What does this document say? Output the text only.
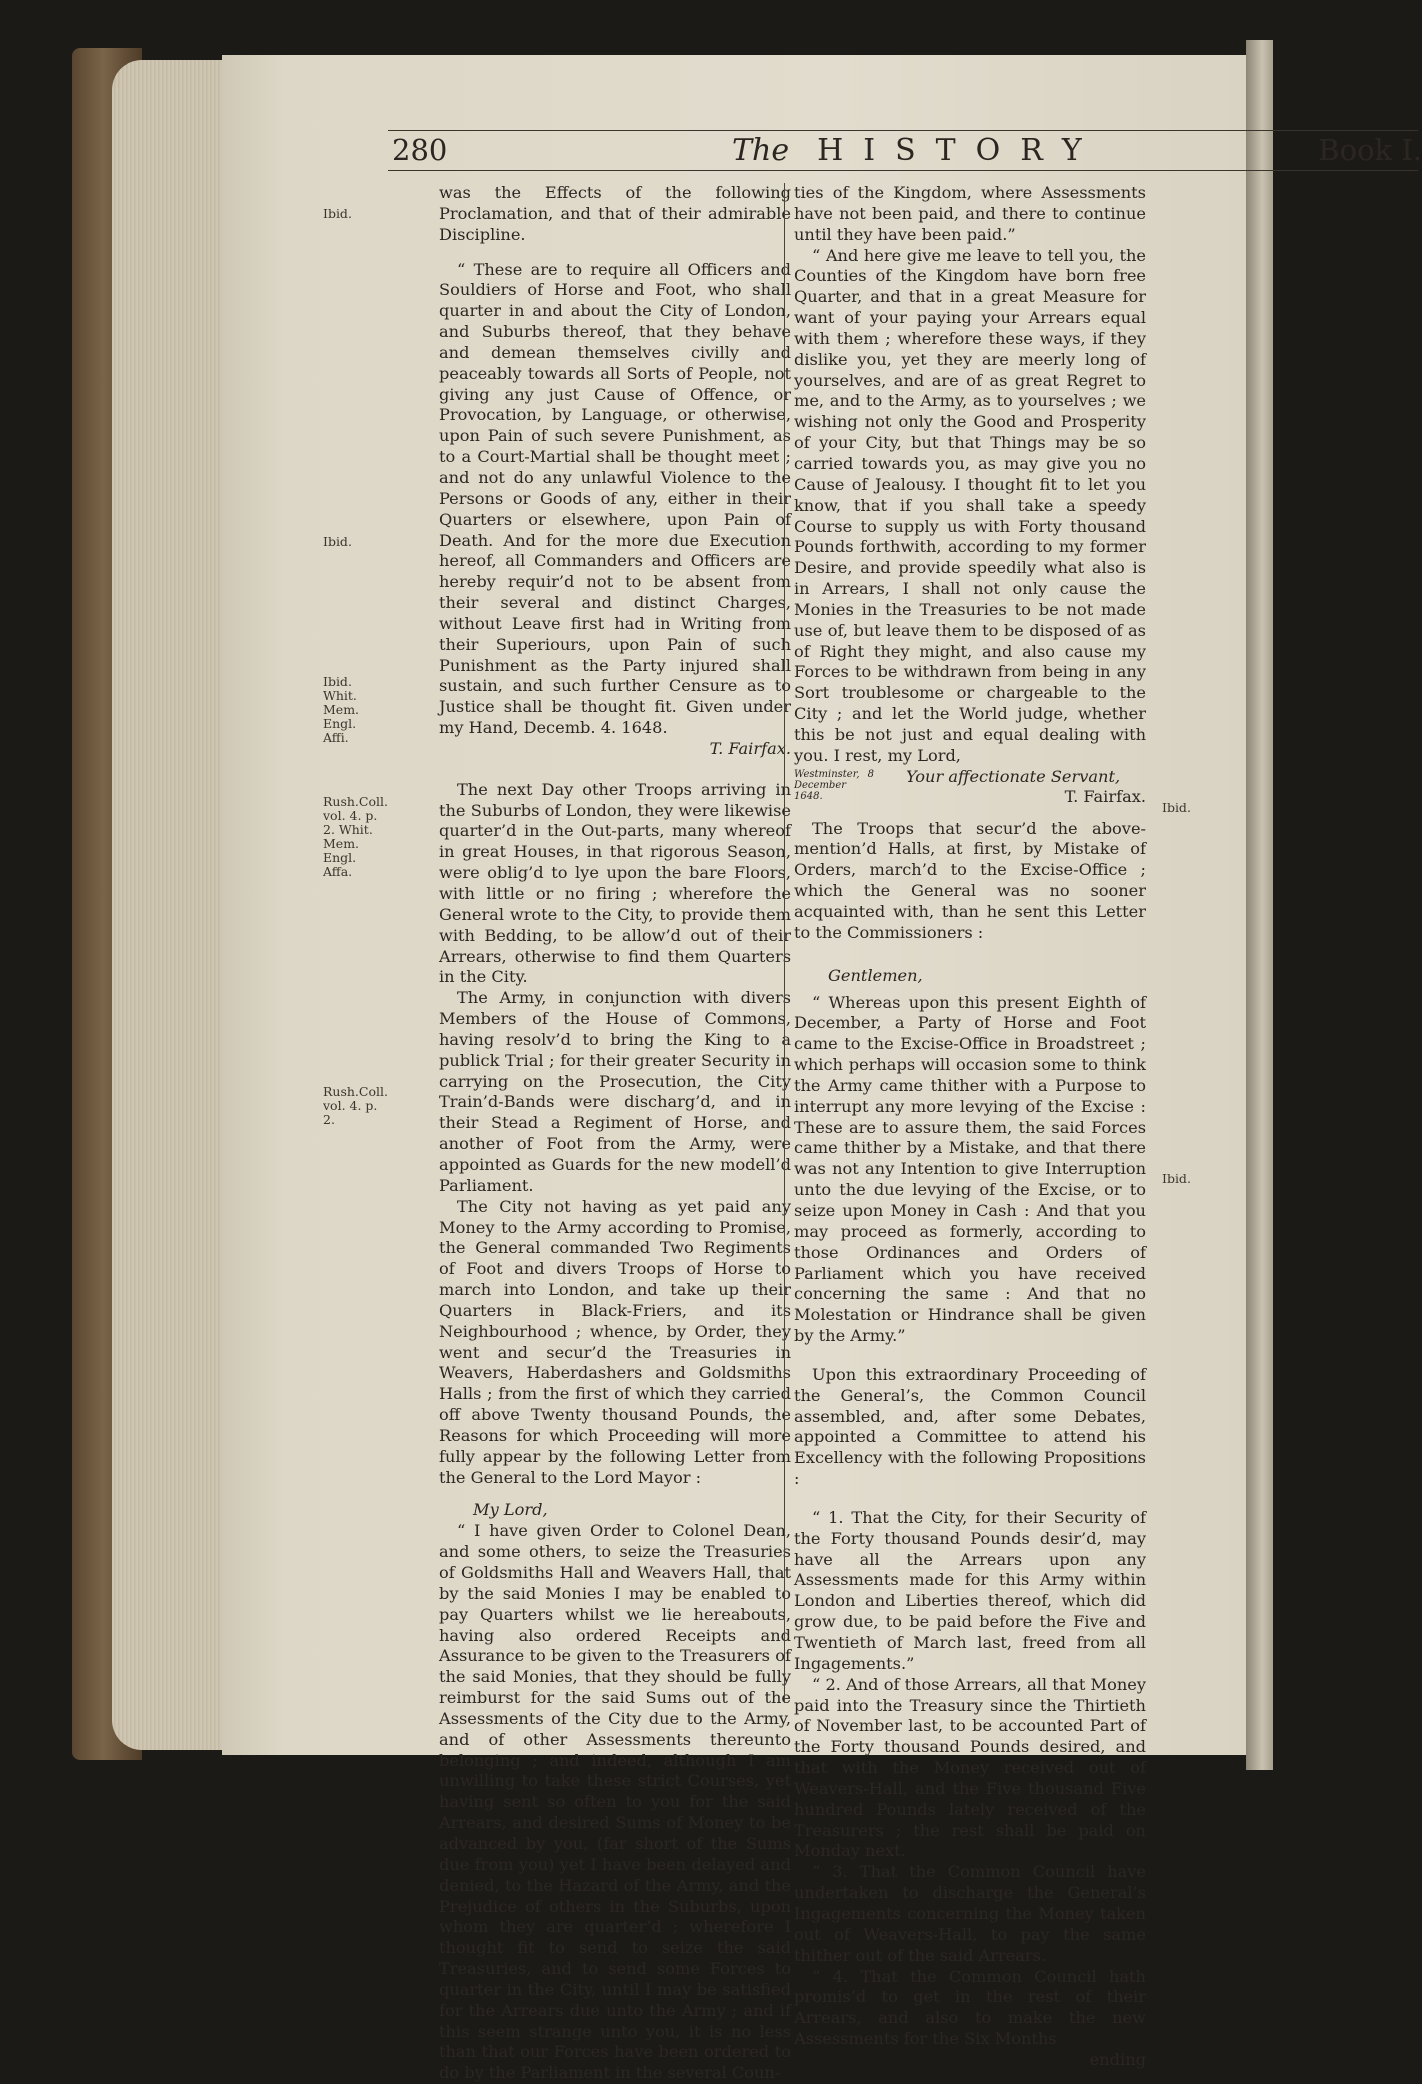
280	The HISTORY	Book I.
Ibid.
Ibid.
Ibid. Whit. Mem. Engl. Affi.
Rush.Coll. vol. 4. p. 2. Whit. Mem. Engl. Affa.
Rush.Coll. vol. 4. p. 2.
Ibid.
Ibid.

was the Effects of the following Proclamation, and that of their admirable Discipline.

“ These are to require all Officers and Souldiers of Horse and Foot, who shall quarter in and about the City of London, and Suburbs thereof, that they behave and demean themselves civilly and peaceably towards all Sorts of People, not giving any just Cause of Offence, or Provocation, by Language, or otherwise, upon Pain of such severe Punishment, as to a Court-Martial shall be thought meet ; and not do any unlawful Violence to the Persons or Goods of any, either in their Quarters or elsewhere, upon Pain of Death. And for the more due Execution hereof, all Commanders and Officers are hereby requir’d not to be absent from their several and distinct Charges, without Leave first had in Writing from their Superiours, upon Pain of such Punishment as the Party injured shall sustain, and such further Censure as to Justice shall be thought fit. Given under my Hand, Decemb. 4. 1648.

T. Fairfax.

The next Day other Troops arriving in the Suburbs of London, they were likewise quarter’d in the Out-parts, many whereof in great Houses, in that rigorous Season, were oblig’d to lye upon the bare Floors, with little or no firing ; wherefore the General wrote to the City, to provide them with Bedding, to be allow’d out of their Arrears, otherwise to find them Quarters in the City.

The Army, in conjunction with divers Members of the House of Commons, having resolv’d to bring the King to a publick Trial ; for their greater Security in carrying on the Prosecution, the City Train’d-Bands were discharg’d, and in their Stead a Regiment of Horse, and another of Foot from the Army, were appointed as Guards for the new modell’d Parliament.

The City not having as yet paid any Money to the Army according to Promise, the General commanded Two Regiments of Foot and divers Troops of Horse to march into London, and take up their Quarters in Black-Friers, and its Neighbourhood ; whence, by Order, they went and secur’d the Treasuries in Weavers, Haberdashers and Goldsmiths Halls ; from the first of which they carried off above Twenty thousand Pounds, the Reasons for which Proceeding will more fully appear by the following Letter from the General to the Lord Mayor :

My Lord,

“ I have given Order to Colonel Dean, and some others, to seize the Treasuries of Goldsmiths Hall and Weavers Hall, that by the said Monies I may be enabled to pay Quarters whilst we lie hereabouts, having also ordered Receipts and Assurance to be given to the Treasurers of the said Monies, that they should be fully reimburst for the said Sums out of the Assessments of the City due to the Army, and of other Assessments thereunto belonging ; and indeed, although I am unwilling to take these strict Courses, yet having sent so often to you for the said Arrears, and desired Sums of Money to be advanced by you, (far short of the Sums due from you) yet I have been delayed and denied, to the Hazard of the Army, and the Prejudice of others in the Suburbs, upon whom they are quarter’d ; wherefore I thought fit to send to seize the said Treasuries, and to send some Forces to quarter in the City, until I may be satisfied for the Arrears due unto the Army ; and if this seem strange unto you, it is no less than that our Forces have been ordered to do by the Parliament in the several Coun-

ties of the Kingdom, where Assessments have not been paid, and there to continue until they have been paid.”

“ And here give me leave to tell you, the Counties of the Kingdom have born free Quarter, and that in a great Measure for want of your paying your Arrears equal with them ; wherefore these ways, if they dislike you, yet they are meerly long of yourselves, and are of as great Regret to me, and to the Army, as to yourselves ; we wishing not only the Good and Prosperity of your City, but that Things may be so carried towards you, as may give you no Cause of Jealousy. I thought fit to let you know, that if you shall take a speedy Course to supply us with Forty thousand Pounds forthwith, according to my former Desire, and provide speedily what also is in Arrears, I shall not only cause the Monies in the Treasuries to be not made use of, but leave them to be disposed of as of Right they might, and also cause my Forces to be withdrawn from being in any Sort troublesome or chargeable to the City ; and let the World judge, whether this be not just and equal dealing with you. I rest, my Lord,

Westminster, 8 December 1648.
Your affectionate Servant,
T. Fairfax.

The Troops that secur’d the above-mention’d Halls, at first, by Mistake of Orders, march’d to the Excise-Office ; which the General was no sooner acquainted with, than he sent this Letter to the Commissioners :

Gentlemen,

“ Whereas upon this present Eighth of December, a Party of Horse and Foot came to the Excise-Office in Broadstreet ; which perhaps will occasion some to think the Army came thither with a Purpose to interrupt any more levying of the Excise : These are to assure them, the said Forces came thither by a Mistake, and that there was not any Intention to give Interruption unto the due levying of the Excise, or to seize upon Money in Cash : And that you may proceed as formerly, according to those Ordinances and Orders of Parliament which you have received concerning the same : And that no Molestation or Hindrance shall be given by the Army.”

Upon this extraordinary Proceeding of the General’s, the Common Council assembled, and, after some Debates, appointed a Committee to attend his Excellency with the following Propositions :

“ 1. That the City, for their Security of the Forty thousand Pounds desir’d, may have all the Arrears upon any Assessments made for this Army within London and Liberties thereof, which did grow due, to be paid before the Five and Twentieth of March last, freed from all Ingagements.”

“ 2. And of those Arrears, all that Money paid into the Treasury since the Thirtieth of November last, to be accounted Part of the Forty thousand Pounds desired, and that with the Money received out of Weavers-Hall, and the Five thousand Five hundred Pounds lately received of the Treasurers ; the rest shall be paid on Monday next.

“ 3. That the Common Council have undertaken to discharge the General’s Ingagements concerning the Money taken out of Weavers-Hall, to pay the same thither out of the said Arrears.

“ 4. That the Common Council hath promis’d to get in the rest of their Arrears, and also to make the new Assessments for the Six Months

ending
